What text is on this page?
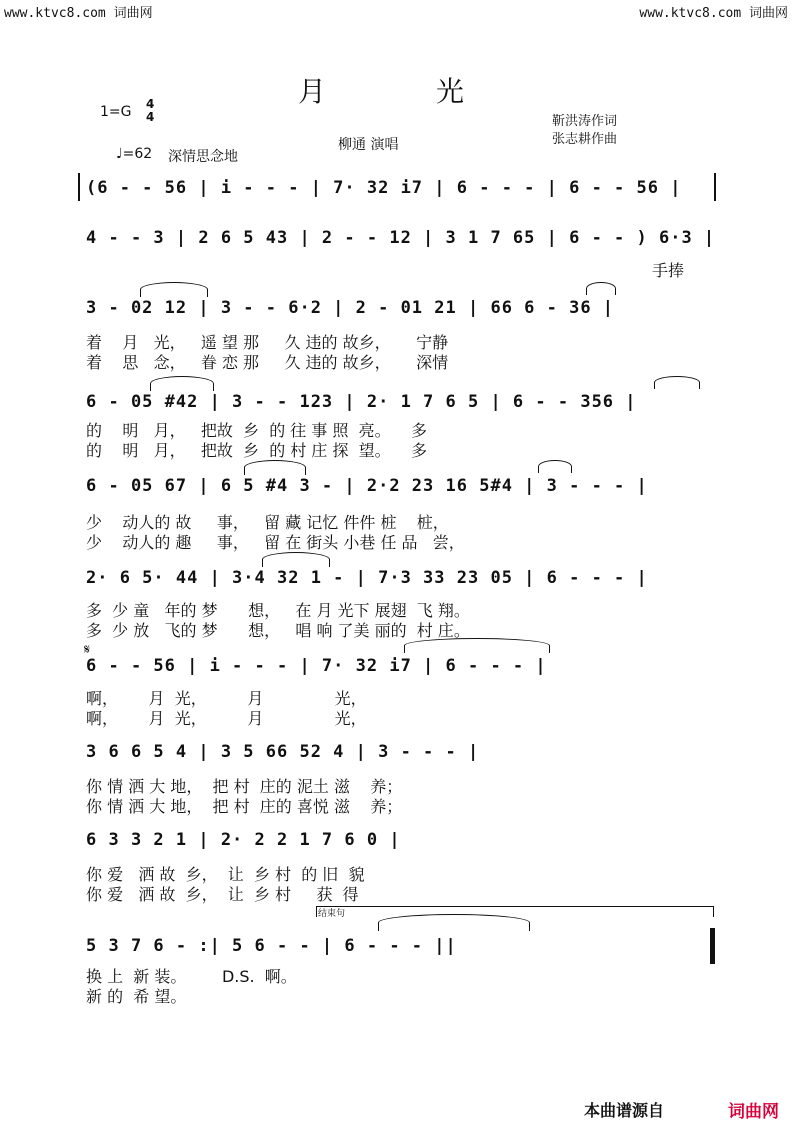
www.ktvc8.com 词曲网	www.ktvc8.com 词曲网
月光
1=G 4
4
♩=62 深情思念地
柳通 演唱
靳洪涛作词
张志耕作曲
(6 - - 56 | i - - - | 7· 32 i7 | 6 - - - | 6 - - 56 |
4 - - 3 | 2 6 5 43 | 2 - - 12 | 3 1 7 65 | 6 - - ) 6·3 |
手捧
3 - 02 12 | 3 - - 6·2 | 2 - 01 21 | 66 6 - 36 |
着    月   光，   遥 望 那     久 违的 故乡，     宁静
着    思   念，   眷 恋 那     久 违的 故乡，     深情
6 - 05 #42 | 3 - - 123 | 2· 1 7 6 5 | 6 - - 356 |
的    明   月，   把故  乡  的 往 事 照  亮。    多
的    明   月，   把故  乡  的 村 庄 探  望。    多
6 - 05 67 | 6 5 #4 3 - | 2·2 23 16 5#4 | 3 - - - |
少    动人的 故     事，   留 藏 记忆 件件 桩    桩，
少    动人的 趣     事，   留 在 街头 小巷 任 品   尝，
2· 6 5· 44 | 3·4 32 1 - | 7·3 33 23 05 | 6 - - - |
多  少 童   年的 梦      想，   在 月 光下 展翅  飞 翔。
多  少 放   飞的 梦      想，   唱 响 了美 丽的  村 庄。
𝄋
6 - - 56 | i - - - | 7· 32 i7 | 6 - - - |
啊，      月  光，        月              光，
啊，      月  光，        月              光，
3 6 6 5 4 | 3 5 66 52 4 | 3 - - - |
你 情 洒 大 地，  把 村  庄的 泥土 滋    养；
你 情 洒 大 地，  把 村  庄的 喜悦 滋    养；
6 3 3 2 1 | 2· 2 2 1 7 6 0 |
你 爱   洒 故  乡，  让  乡 村  的 旧  貌
你 爱   洒 故  乡，  让  乡 村     获  得
结束句
5 3 7 6 - :| 5 6 - - | 6 - - - ||
换 上  新 装。       D.S.  啊。
新 的  希 望。
本曲谱源自	词曲网
